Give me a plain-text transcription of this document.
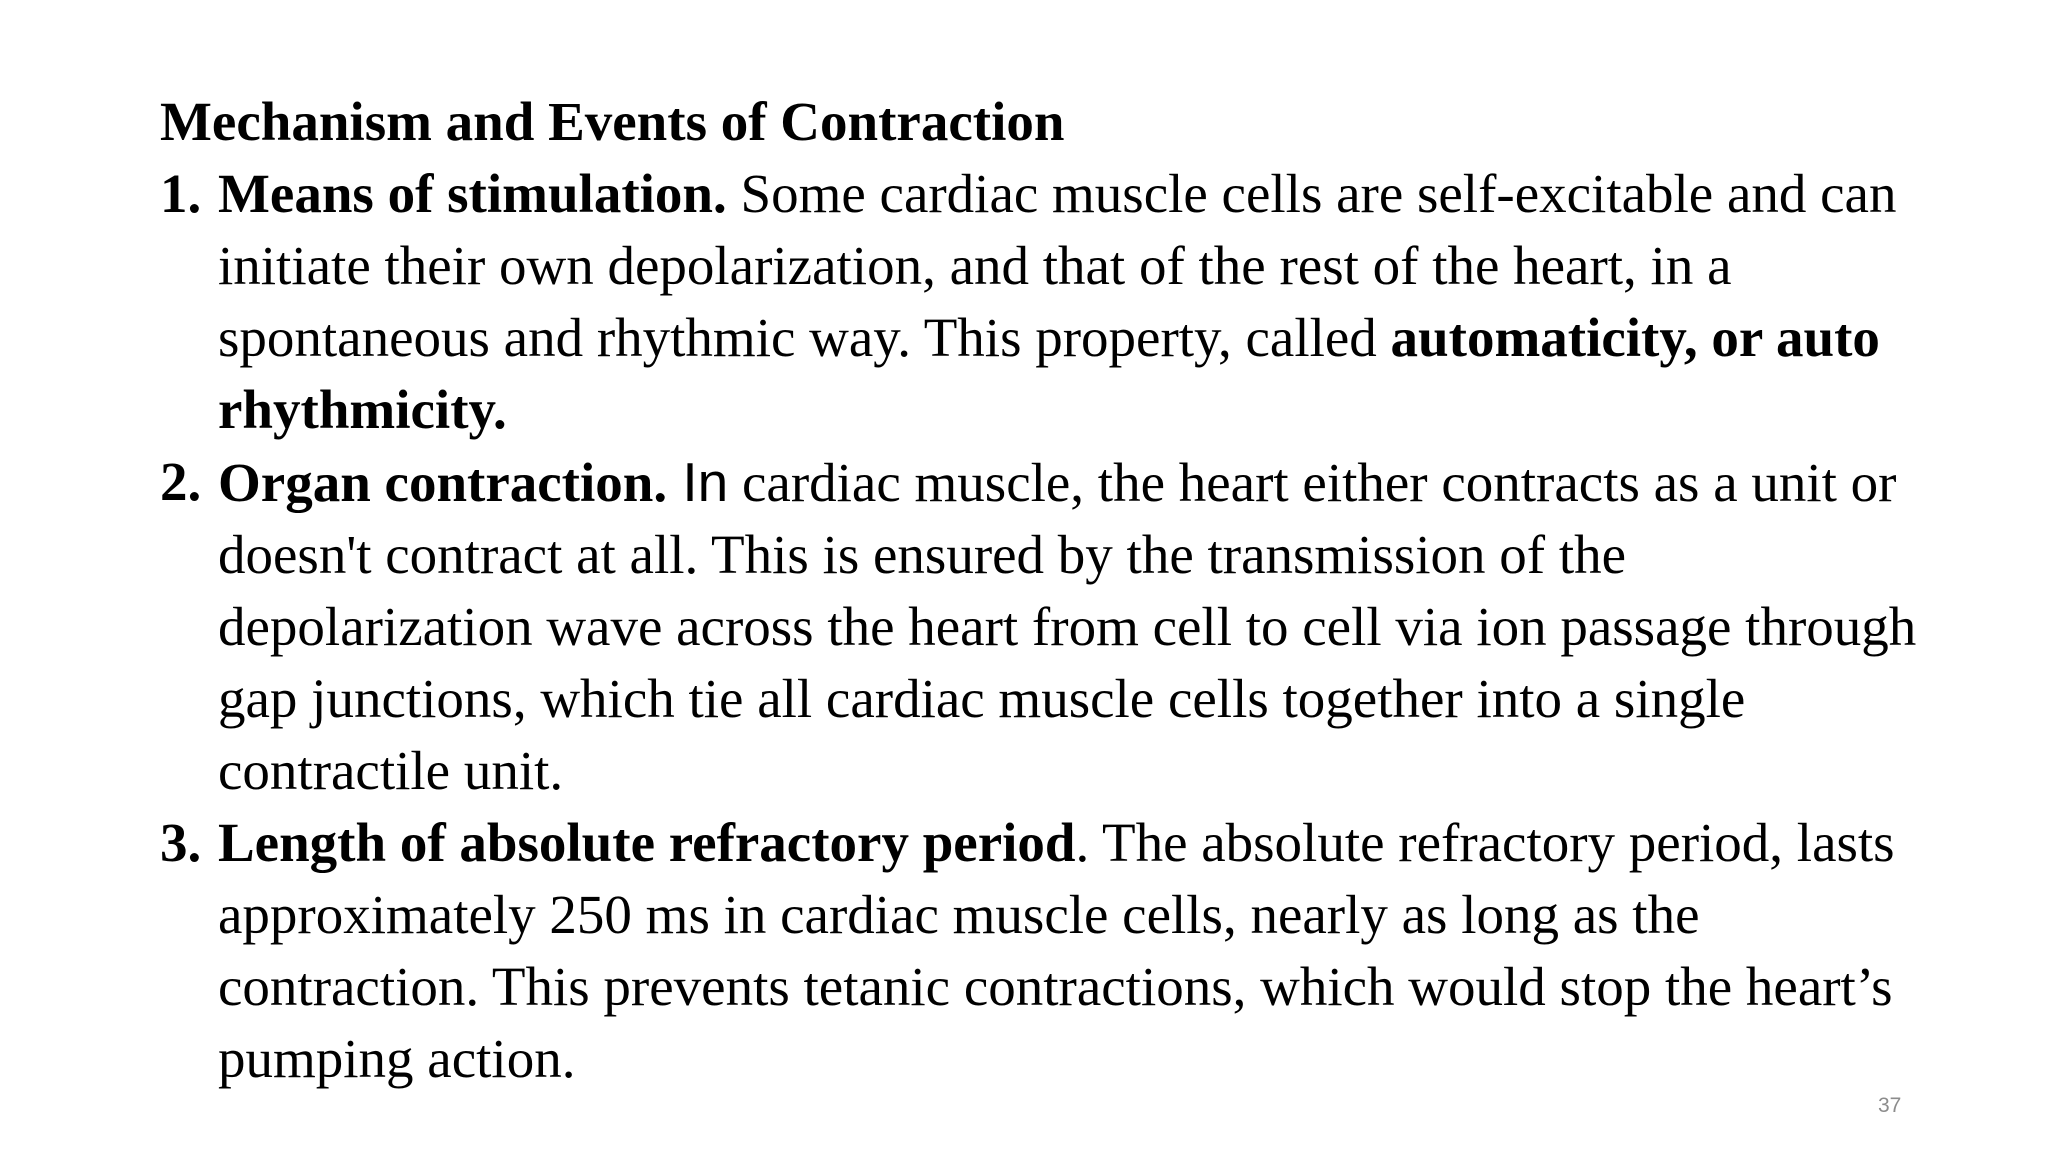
Mechanism and Events of Contraction

1. Means of stimulation. Some cardiac muscle cells are self-excitable and can initiate their own depolarization, and that of the rest of the heart, in a spontaneous and rhythmic way. This property, called automaticity, or auto rhythmicity.
2. Organ contraction. In cardiac muscle, the heart either contracts as a unit or doesn't contract at all. This is ensured by the transmission of the depolarization wave across the heart from cell to cell via ion passage through gap junctions, which tie all cardiac muscle cells together into a single contractile unit.
3. Length of absolute refractory period. The absolute refractory period, lasts approximately 250 ms in cardiac muscle cells, nearly as long as the contraction. This prevents tetanic contractions, which would stop the heart’s pumping action.
37
